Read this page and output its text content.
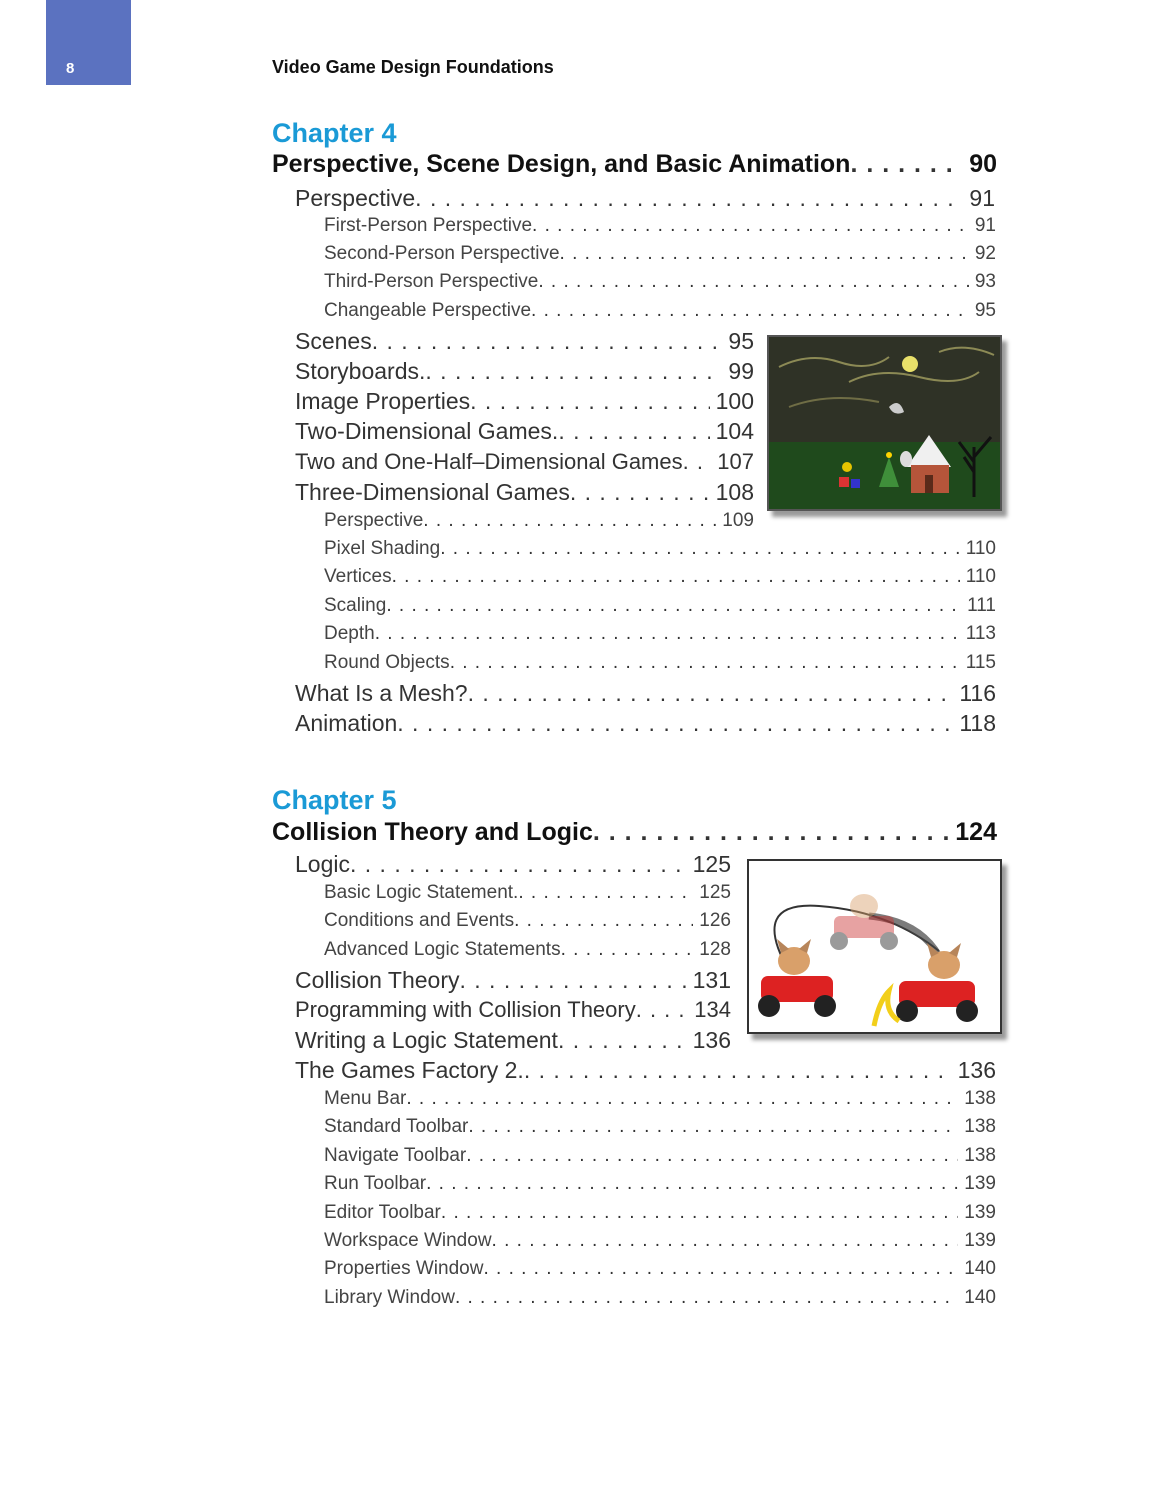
8	Video Game Design Foundations
Chapter 4
Perspective, Scene Design, and Basic Animation . . .	90
Perspective . . .	91
First-Person Perspective . . .	91
Second-Person Perspective . . .	92
Third-Person Perspective . . .	93
Changeable Perspective . . .	95
Scenes . . .	95
Storyboards. . . .	99
Image Properties . . .	100
Two-Dimensional Games. . . .	104
Two and One-Half–Dimensional Games . . . 107
Three-Dimensional Games . . .	108
Perspective . . .	109
Pixel Shading . . .	110
Vertices . . .	110
Scaling . . .	111
Depth . . .	113
Round Objects . . .	115
What Is a Mesh? . . .	116
Animation . . .	118
Chapter 5
Collision Theory and Logic . . .	124
Logic . . .	125
Basic Logic Statement. . . .	125
Conditions and Events . . .	126
Advanced Logic Statements . . .	128
Collision Theory . . .	131
Programming with Collision Theory . . .	134
Writing a Logic Statement . . .	136
The Games Factory 2. . . .	136
Menu Bar . . .	138
Standard Toolbar . . .	138
Navigate Toolbar . . .	138
Run Toolbar . . .	139
Editor Toolbar . . .	139
Workspace Window . . .	139
Properties Window . . .	140
Library Window . . .	140
